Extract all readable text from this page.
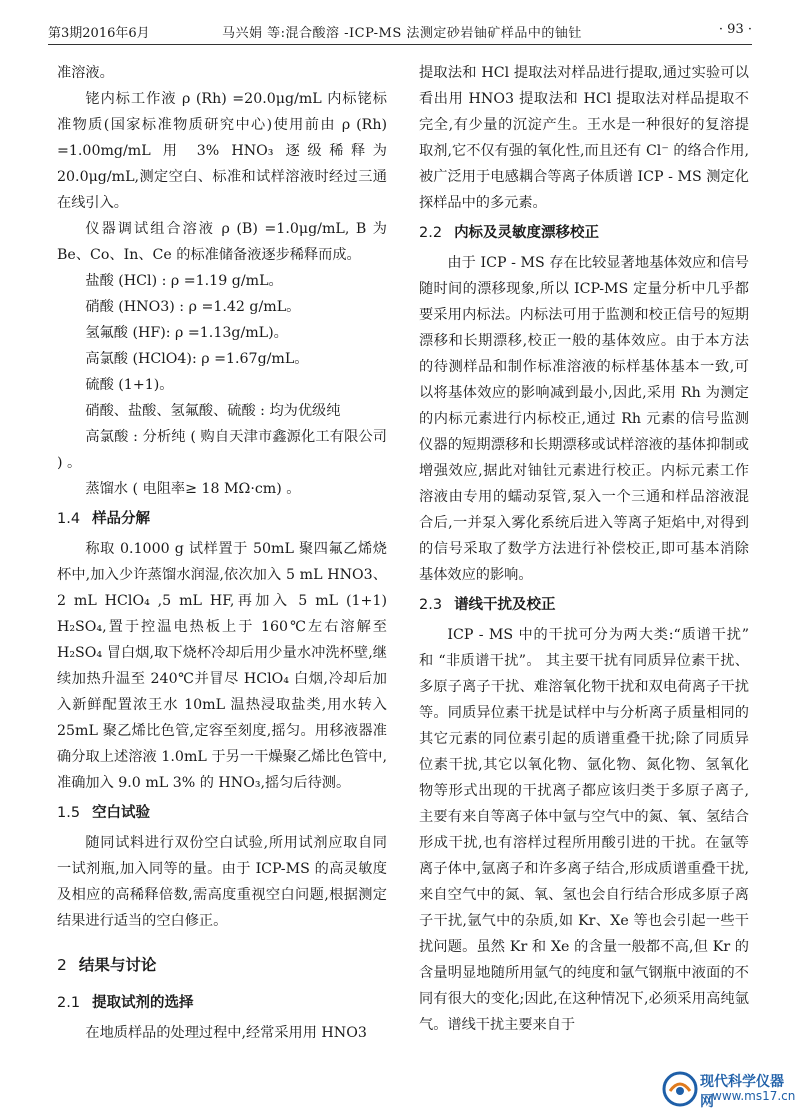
第3期2016年6月	马兴娟 等:混合酸溶 -ICP-MS 法测定砂岩铀矿样品中的铀钍	· 93 ·

准溶液。

铑内标工作液 ρ (Rh) =20.0μg/mL 内标铑标准物质(国家标准物质研究中心)使用前由 ρ (Rh) =1.00mg/mL 用 3% HNO₃ 逐级稀释为 20.0μg/mL,测定空白、标准和试样溶液时经过三通在线引入。

仪器调试组合溶液 ρ (B) =1.0μg/mL, B 为 Be、Co、In、Ce 的标准储备液逐步稀释而成。

盐酸 (HCl) : ρ =1.19 g/mL。

硝酸 (HNO3) : ρ =1.42 g/mL。

氢氟酸 (HF): ρ =1.13g/mL)。

高氯酸 (HClO4): ρ =1.67g/mL。

硫酸 (1+1)。

硝酸、盐酸、氢氟酸、硫酸 : 均为优级纯

高氯酸 : 分析纯 ( 购自天津市鑫源化工有限公司 ) 。

蒸馏水 ( 电阻率≥ 18 MΩ·cm) 。

1.4 样品分解

称取 0.1000 g 试样置于 50mL 聚四氟乙烯烧杯中,加入少许蒸馏水润湿,依次加入 5 mL HNO3、2 mL HClO₄ ,5 mL HF,再加入 5 mL (1+1) H₂SO₄,置于控温电热板上于 160℃左右溶解至 H₂SO₄ 冒白烟,取下烧杯冷却后用少量水冲洗杯壁,继续加热升温至 240℃并冒尽 HClO₄ 白烟,冷却后加入新鲜配置浓王水 10mL 温热浸取盐类,用水转入 25mL 聚乙烯比色管,定容至刻度,摇匀。用移液器准确分取上述溶液 1.0mL 于另一干燥聚乙烯比色管中,准确加入 9.0 mL 3% 的 HNO₃,摇匀后待测。

1.5 空白试验

随同试料进行双份空白试验,所用试剂应取自同一试剂瓶,加入同等的量。由于 ICP-MS 的高灵敏度及相应的高稀释倍数,需高度重视空白问题,根据测定结果进行适当的空白修正。

2 结果与讨论
2.1 提取试剂的选择

在地质样品的处理过程中,经常采用用 HNO3

提取法和 HCl 提取法对样品进行提取,通过实验可以看出用 HNO3 提取法和 HCl 提取法对样品提取不完全,有少量的沉淀产生。王水是一种很好的复溶提取剂,它不仅有强的氧化性,而且还有 Cl⁻ 的络合作用,被广泛用于电感耦合等离子体质谱 ICP - MS 测定化探样品中的多元素。

2.2 内标及灵敏度漂移校正

由于 ICP - MS 存在比较显著地基体效应和信号随时间的漂移现象,所以 ICP-MS 定量分析中几乎都要采用内标法。内标法可用于监测和校正信号的短期漂移和长期漂移,校正一般的基体效应。由于本方法的待测样品和制作标准溶液的标样基体基本一致,可以将基体效应的影响减到最小,因此,采用 Rh 为测定的内标元素进行内标校正,通过 Rh 元素的信号监测仪器的短期漂移和长期漂移或试样溶液的基体抑制或增强效应,据此对铀钍元素进行校正。内标元素工作溶液由专用的蠕动泵管,泵入一个三通和样品溶液混合后,一并泵入雾化系统后进入等离子矩焰中,对得到的信号采取了数学方法进行补偿校正,即可基本消除基体效应的影响。

2.3 谱线干扰及校正

ICP - MS 中的干扰可分为两大类:“质谱干扰” 和 “非质谱干扰”。 其主要干扰有同质异位素干扰、多原子离子干扰、难溶氧化物干扰和双电荷离子干扰等。同质异位素干扰是试样中与分析离子质量相同的其它元素的同位素引起的质谱重叠干扰;除了同质异位素干扰,其它以氧化物、氩化物、氮化物、氢氧化物等形式出现的干扰离子都应该归类于多原子离子,主要有来自等离子体中氩与空气中的氮、氧、氢结合形成干扰,也有溶样过程所用酸引进的干扰。在氩等离子体中,氩离子和许多离子结合,形成质谱重叠干扰,来自空气中的氮、氧、氢也会自行结合形成多原子离子干扰,氩气中的杂质,如 Kr、Xe 等也会引起一些干扰问题。虽然 Kr 和 Xe 的含量一般都不高,但 Kr 的含量明显地随所用氩气的纯度和氩气钢瓶中液面的不同有很大的变化;因此,在这种情况下,必须采用高纯氩气。谱线干扰主要来自于

现代科学仪器网
www.ms17.cn
